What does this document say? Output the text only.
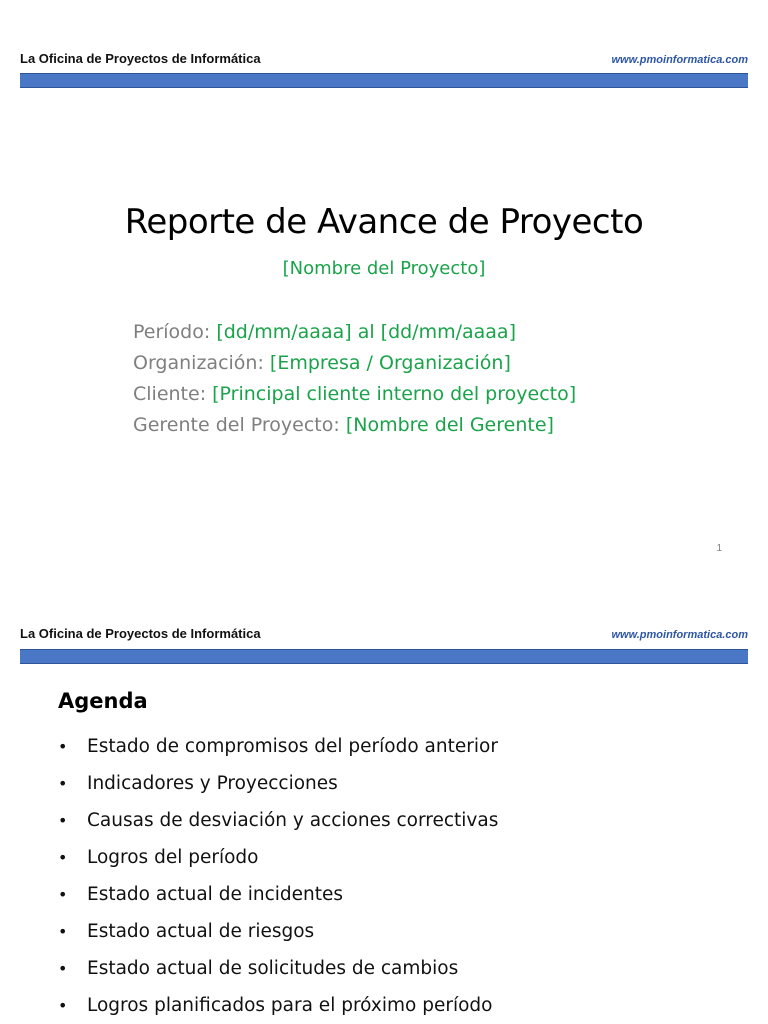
La Oficina de Proyectos de Informática	www.pmoinformatica.com
Reporte de Avance de Proyecto
[Nombre del Proyecto]
Período: [dd/mm/aaaa] al [dd/mm/aaaa]
Organización: [Empresa / Organización]
Cliente: [Principal cliente interno del proyecto]
Gerente del Proyecto: [Nombre del Gerente]
1
La Oficina de Proyectos de Informática	www.pmoinformatica.com
Agenda
• Estado de compromisos del período anterior
• Indicadores y Proyecciones
• Causas de desviación y acciones correctivas
• Logros del período
• Estado actual de incidentes
• Estado actual de riesgos
• Estado actual de solicitudes de cambios
• Logros planificados para el próximo período
